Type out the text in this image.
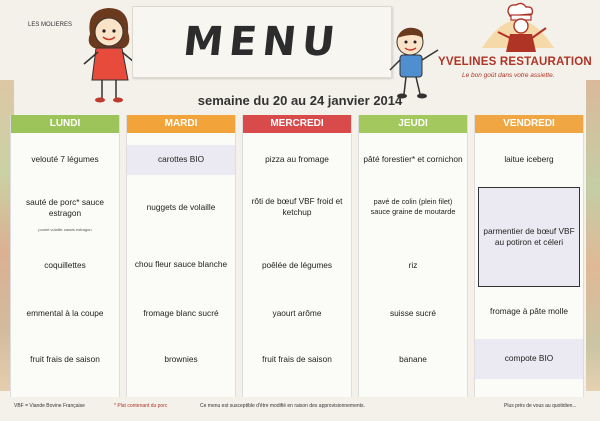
LES MOLIERES	MENU	YVELINES RESTAURATION
Le bon goût dans votre assiette.
semaine du 20 au 24 janvier 2014
LUNDI
velouté 7 légumes
sauté de porc* sauce estragon
poulet volaille cassis estragon
coquillettes
emmental à la coupe
fruit frais de saison
MARDI
carottes BIO
nuggets de volaille
chou fleur sauce blanche
fromage blanc sucré
brownies
MERCREDI
pizza au fromage
rôti de bœuf VBF froid et ketchup
poêlée de légumes
yaourt arôme
fruit frais de saison
JEUDI
pâté forestier* et cornichon
pavé de colin (plein filet) sauce graine de moutarde
riz
suisse sucré
banane
VENDREDI
laitue iceberg
parmentier de bœuf VBF au potiron et céleri
fromage à pâte molle
compote BIO
VBF = Viande Bovine Française	* Plat contenant du porc	Ce menu est susceptible d'être modifié en raison des approvisionnements.	Plus près de vous au quotidien...
